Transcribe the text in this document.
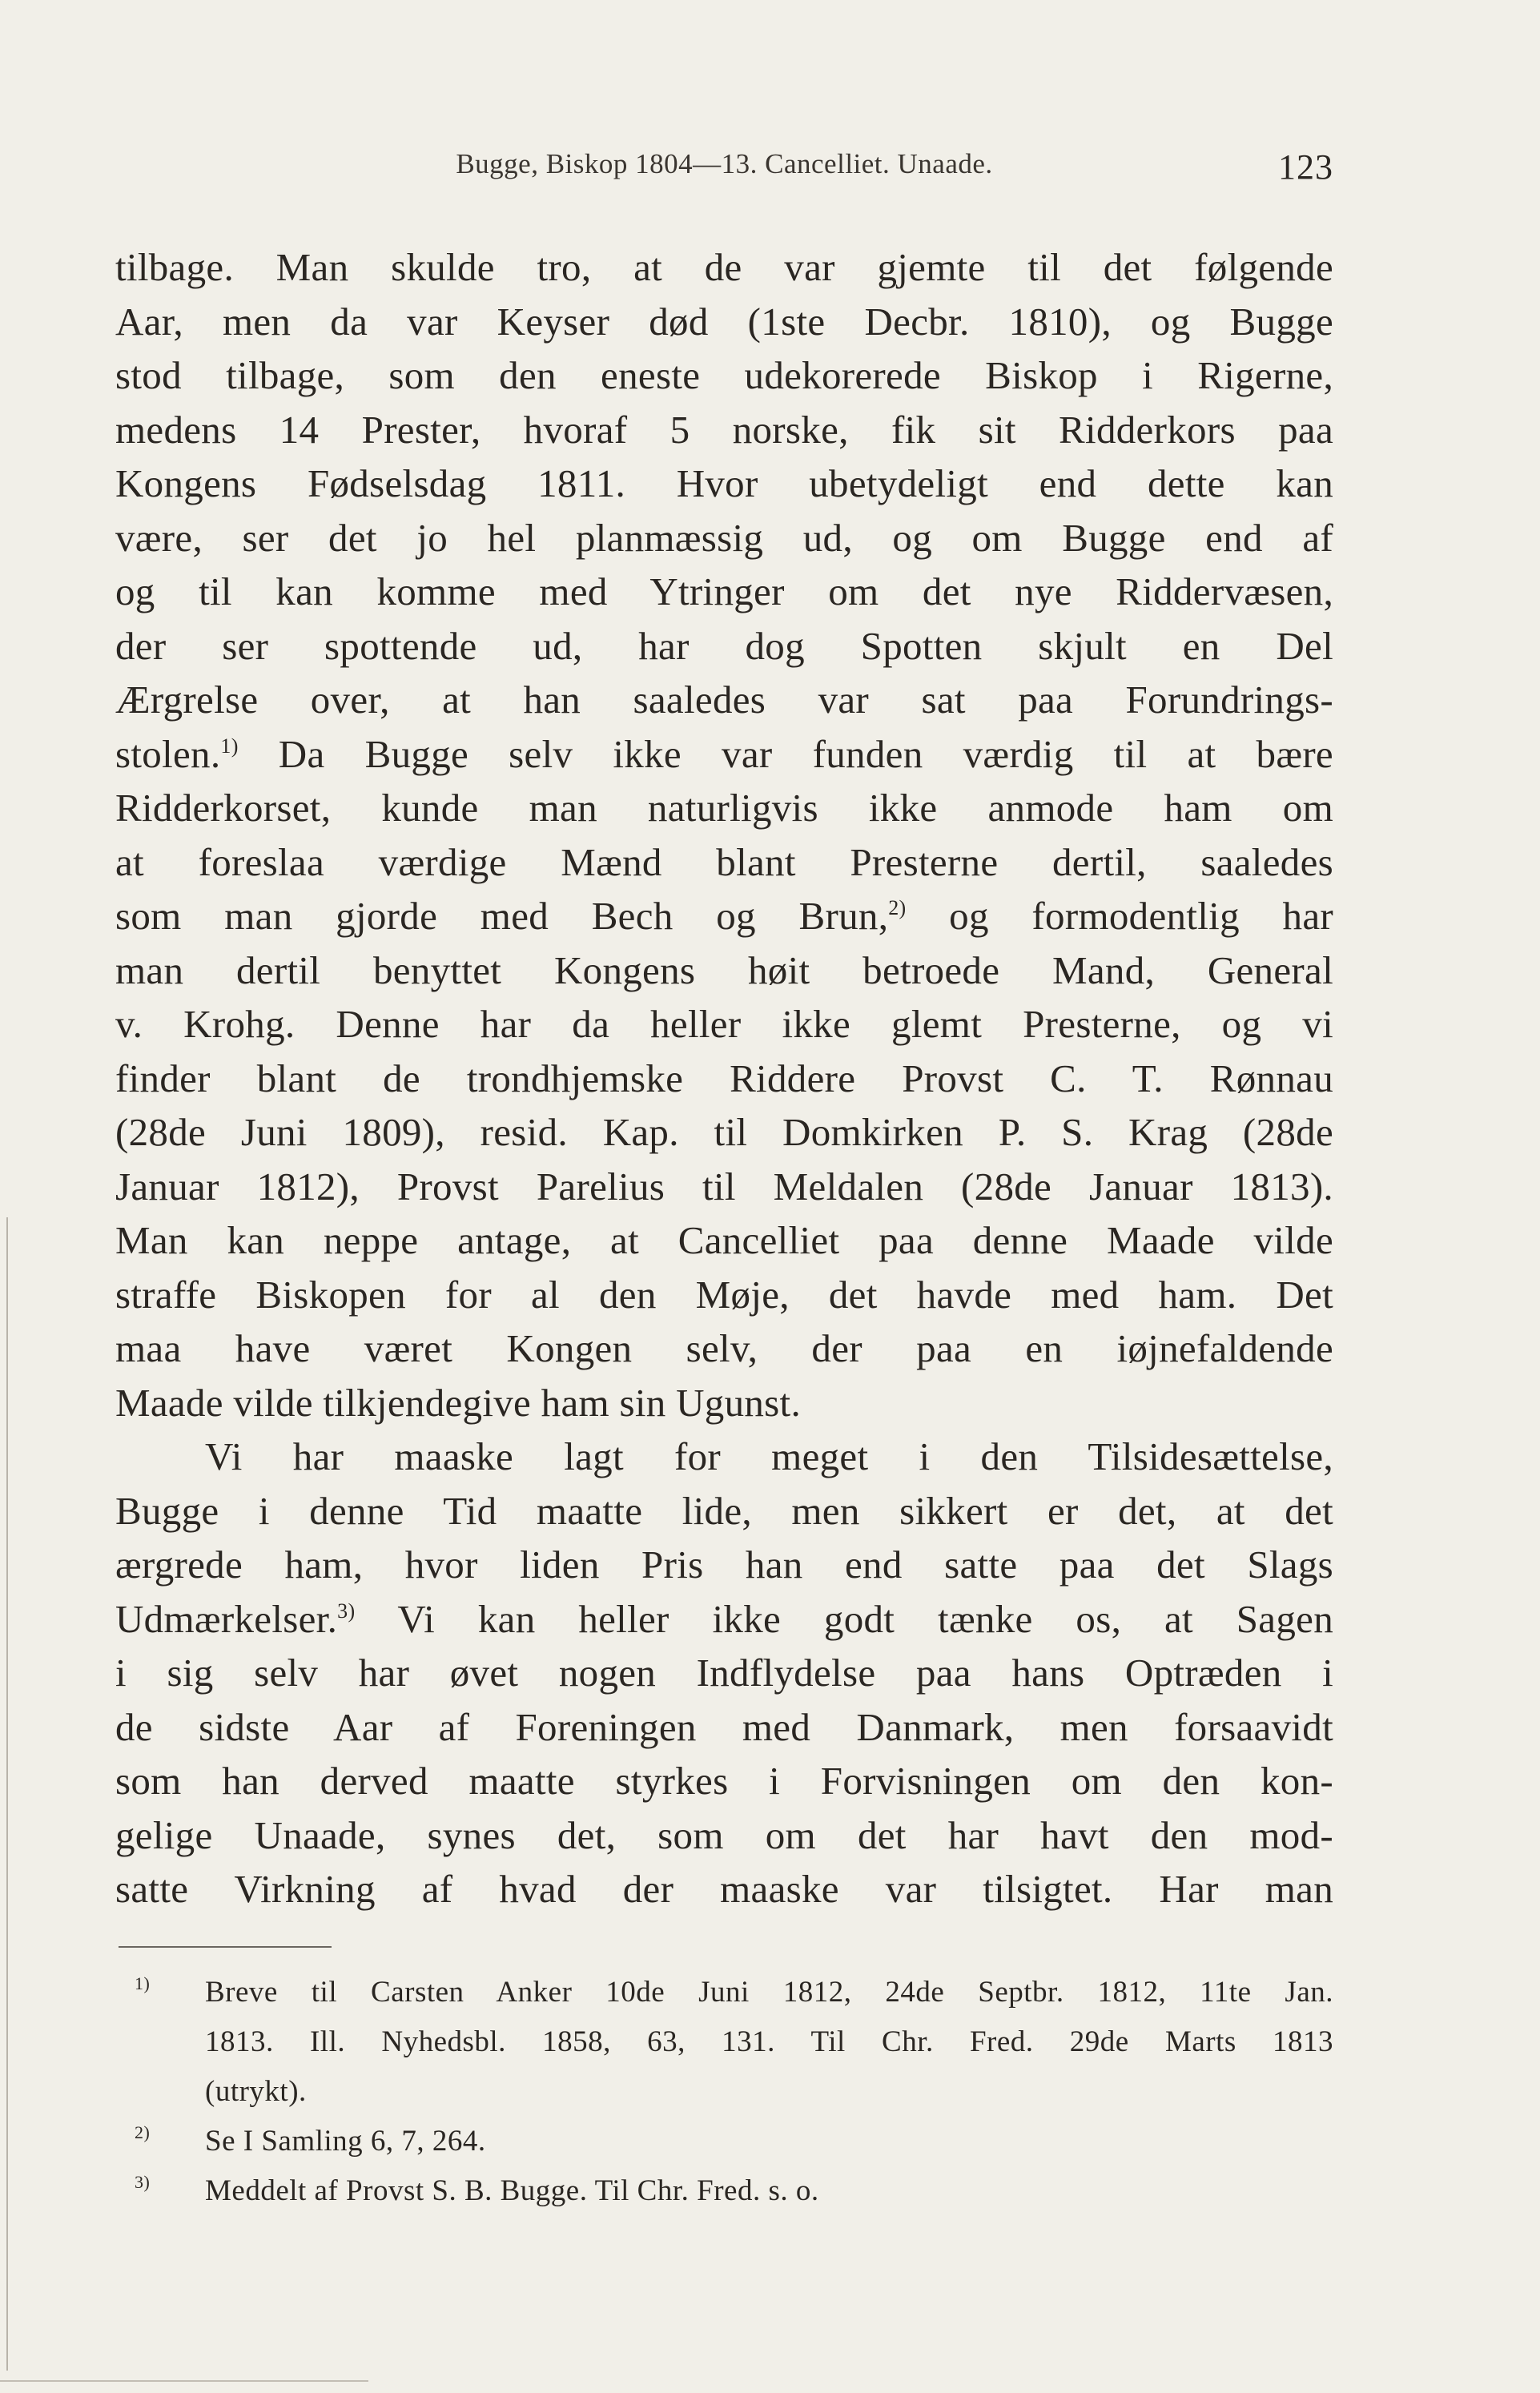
Bugge, Biskop 1804—13. Cancelliet. Unaade.	123
tilbage. Man skulde tro, at de var gjemte til det følgende
Aar, men da var Keyser død (1ste Decbr. 1810), og Bugge
stod tilbage, som den eneste udekorerede Biskop i Rigerne,
medens 14 Prester, hvoraf 5 norske, fik sit Ridderkors paa
Kongens Fødselsdag 1811. Hvor ubetydeligt end dette kan
være, ser det jo hel planmæssig ud, og om Bugge end af
og til kan komme med Ytringer om det nye Riddervæsen,
der ser spottende ud, har dog Spotten skjult en Del
Ærgrelse over, at han saaledes var sat paa Forundrings-
stolen.$^{1)}$ Da Bugge selv ikke var funden værdig til at bære
Ridderkorset, kunde man naturligvis ikke anmode ham om
at foreslaa værdige Mænd blant Presterne dertil, saaledes
som man gjorde med Bech og Brun,$^{2)}$ og formodentlig har
man dertil benyttet Kongens høit betroede Mand, General
v. Krohg. Denne har da heller ikke glemt Presterne, og vi
finder blant de trondhjemske Riddere Provst C. T. Rønnau
(28de Juni 1809), resid. Kap. til Domkirken P. S. Krag (28de
Januar 1812), Provst Parelius til Meldalen (28de Januar 1813).
Man kan neppe antage, at Cancelliet paa denne Maade vilde
straffe Biskopen for al den Møje, det havde med ham. Det
maa have været Kongen selv, der paa en iøjnefaldende
Maade vilde tilkjendegive ham sin Ugunst.
Vi har maaske lagt for meget i den Tilsidesættelse,
Bugge i denne Tid maatte lide, men sikkert er det, at det
ærgrede ham, hvor liden Pris han end satte paa det Slags
Udmærkelser.$^{3)}$ Vi kan heller ikke godt tænke os, at Sagen
i sig selv har øvet nogen Indflydelse paa hans Optræden i
de sidste Aar af Foreningen med Danmark, men forsaavidt
som han derved maatte styrkes i Forvisningen om den kon-
gelige Unaade, synes det, som om det har havt den mod-
satte Virkning af hvad der maaske var tilsigtet. Har man
$^{1)}$ Breve til Carsten Anker 10de Juni 1812, 24de Septbr. 1812, 11te Jan.
1813. Ill. Nyhedsbl. 1858, 63, 131. Til Chr. Fred. 29de Marts 1813
(utrykt).
$^{2)}$ Se I Samling 6, 7, 264.
$^{3)}$ Meddelt af Provst S. B. Bugge. Til Chr. Fred. s. o.
